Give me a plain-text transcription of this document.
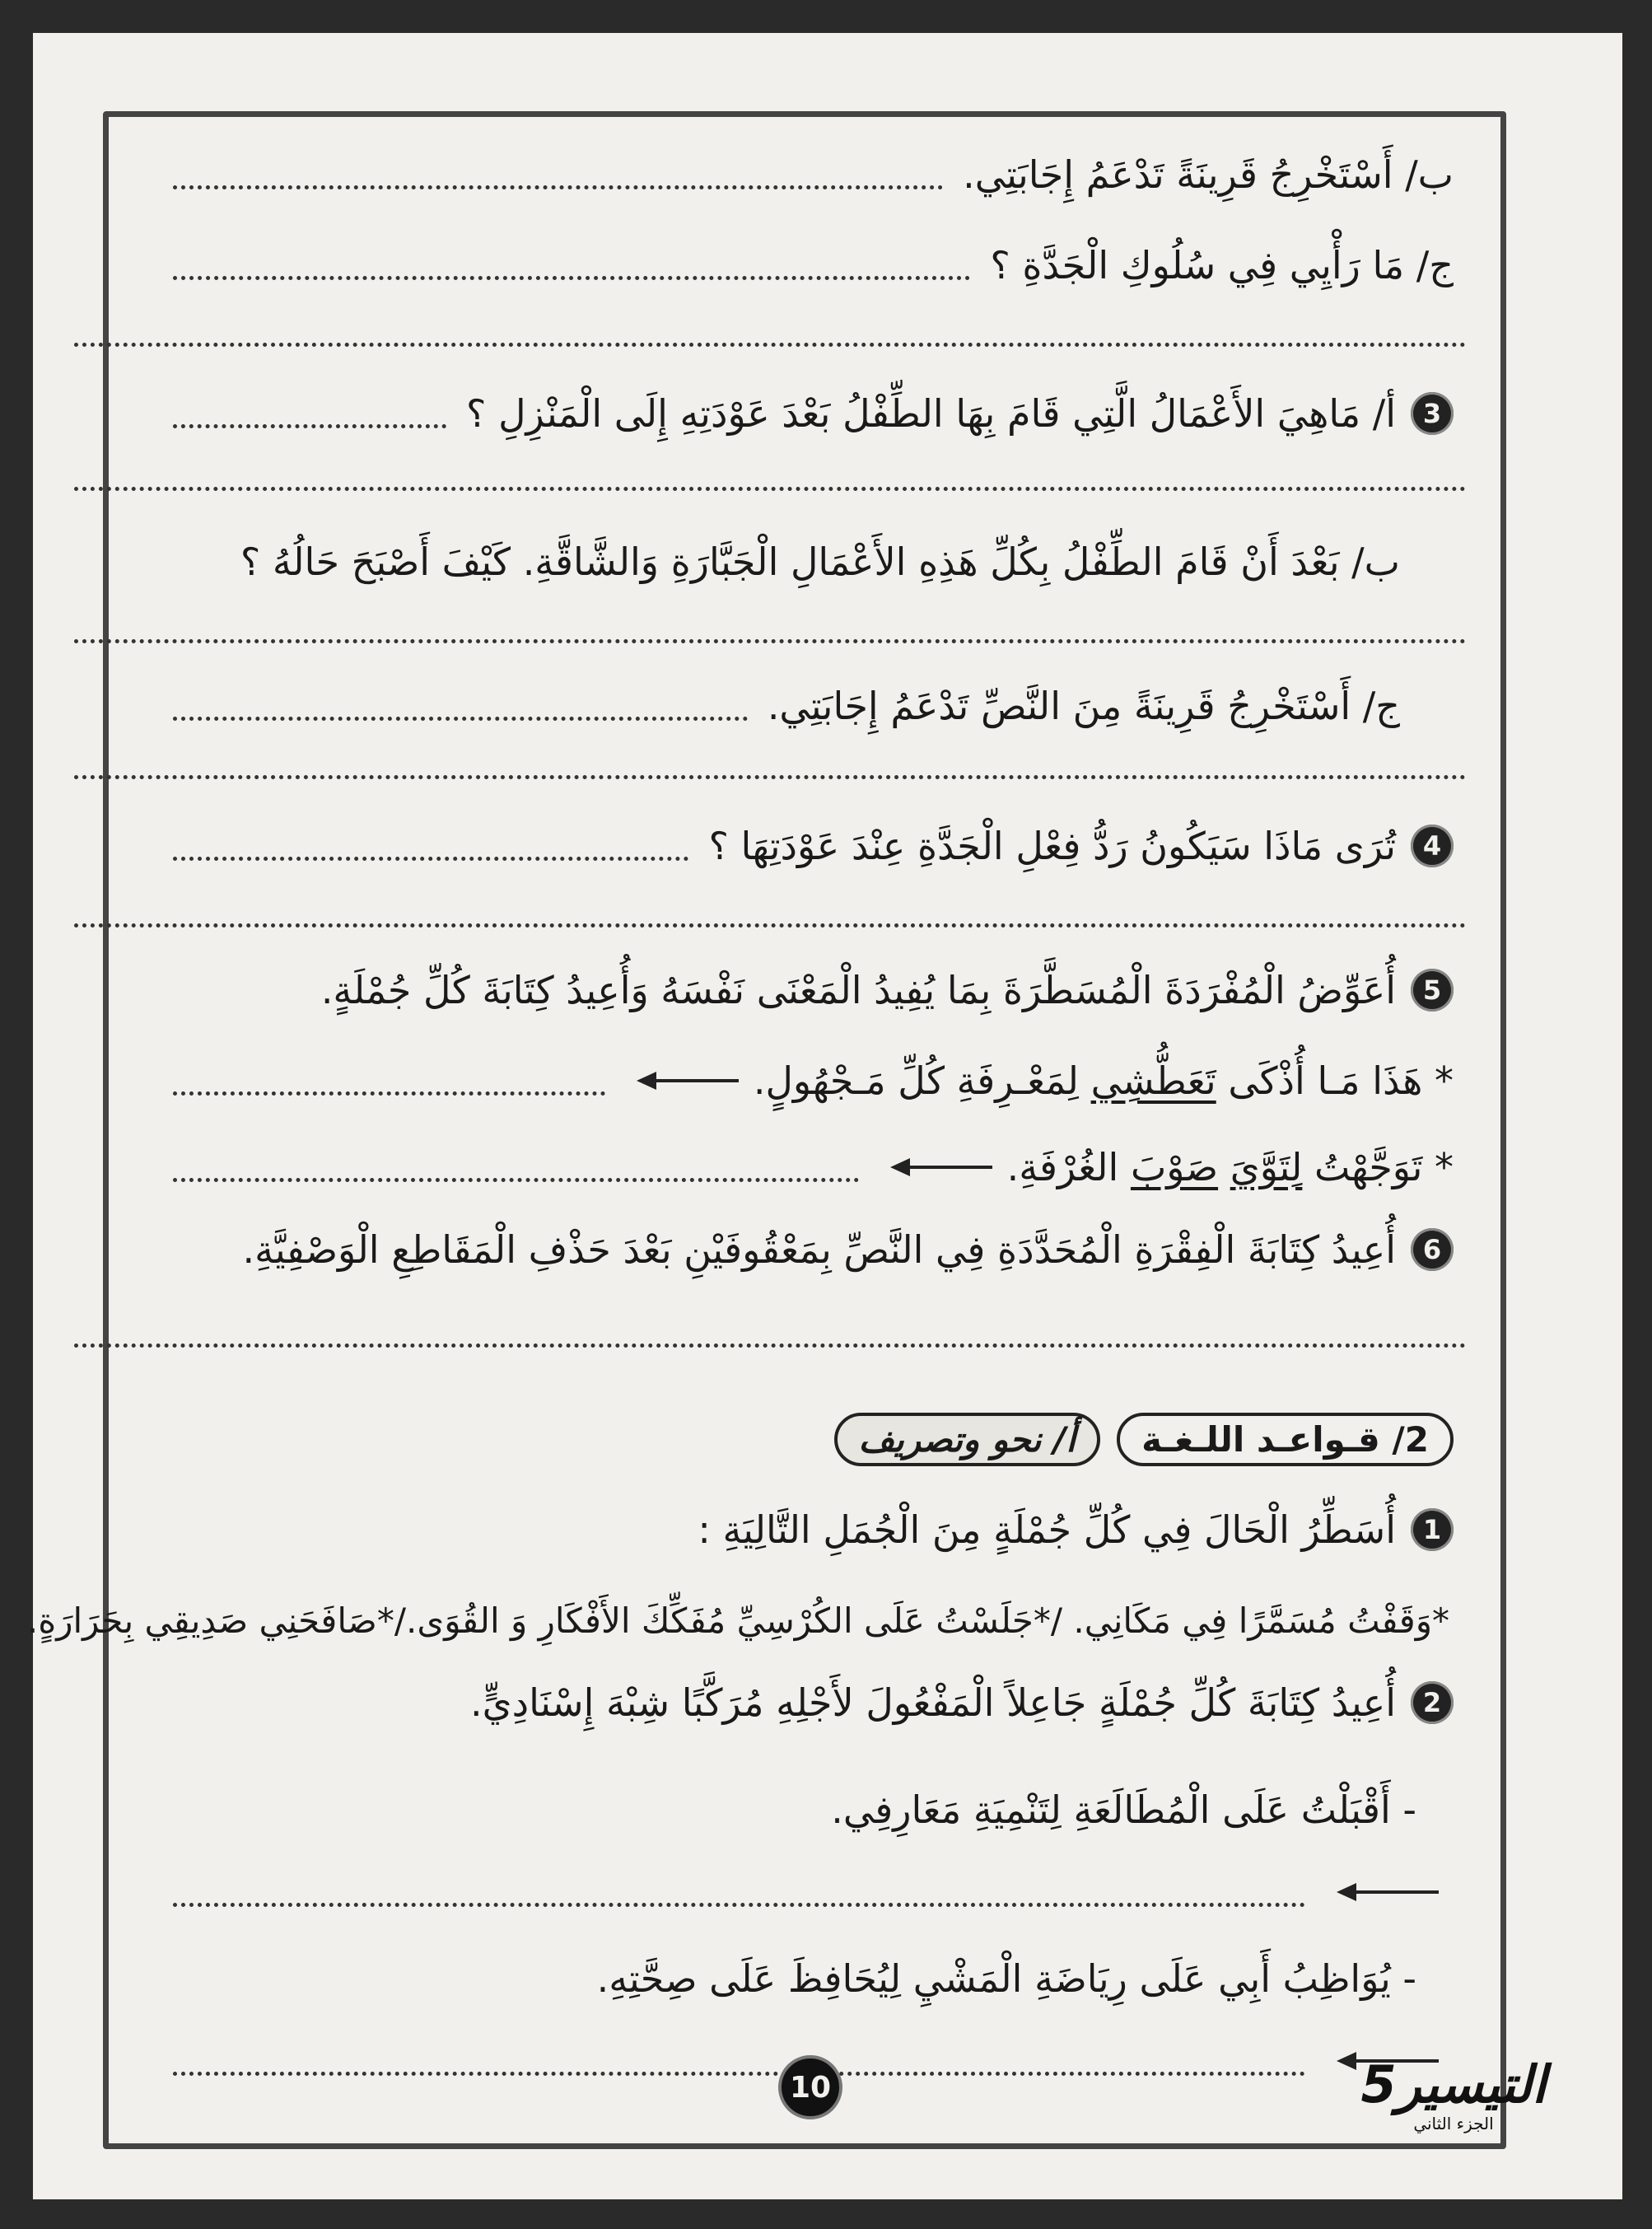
ب/ أَسْتَخْرِجُ قَرِينَةً تَدْعَمُ إِجَابَتِي.
ج/ مَا رَأْيِي فِي سُلُوكِ الْجَدَّةِ ؟
3
أ/ مَاهِيَ الأَعْمَالُ الَّتِي قَامَ بِهَا الطِّفْلُ بَعْدَ عَوْدَتِهِ إِلَى الْمَنْزِلِ ؟
ب/ بَعْدَ أَنْ قَامَ الطِّفْلُ بِكُلِّ هَذِهِ الأَعْمَالِ الْجَبَّارَةِ وَالشَّاقَّةِ. كَيْفَ أَصْبَحَ حَالُهُ ؟
ج/ أَسْتَخْرِجُ قَرِينَةً مِنَ النَّصِّ تَدْعَمُ إِجَابَتِي.
4
تُرَى مَاذَا سَيَكُونُ رَدُّ فِعْلِ الْجَدَّةِ عِنْدَ عَوْدَتِهَا ؟
5
أُعَوِّضُ الْمُفْرَدَةَ الْمُسَطَّرَةَ بِمَا يُفِيدُ الْمَعْنَى نَفْسَهُ وَأُعِيدُ كِتَابَةَ كُلِّ جُمْلَةٍ.
* هَذَا مَـا أُذْكَى

تَعَطُّشِي

لِمَعْـرِفَةِ كُلِّ مَـجْهُولٍ.
* تَوَجَّهْتُ

لِتَوَّيَ

صَوْبَ

الغُرْفَةِ.
6
أُعِيدُ كِتَابَةَ الْفِقْرَةِ الْمُحَدَّدَةِ فِي النَّصِّ بِمَعْقُوفَيْنِ بَعْدَ حَذْفِ الْمَقَاطِعِ الْوَصْفِيَّةِ.
2/ قـواعـد اللـغـة
أ/ نحو وتصريف
1
أُسَطِّرُ الْحَالَ فِي كُلِّ جُمْلَةٍ مِنَ الْجُمَلِ التَّالِيَةِ :
*وَقَفْتُ مُسَمَّرًا فِي مَكَانِي. /*جَلَسْتُ عَلَى الكُرْسِيِّ مُفَكِّكَ الأَفْكَارِ وَ القُوَى./*صَافَحَنِي صَدِيقِي بِحَرَارَةٍ.
2
أُعِيدُ كِتَابَةَ كُلِّ جُمْلَةٍ جَاعِلاً الْمَفْعُولَ لأَجْلِهِ مُرَكَّبًا شِبْهَ إِسْنَادِيٍّ.
- أَقْبَلْتُ عَلَى الْمُطَالَعَةِ لِتَنْمِيَةِ مَعَارِفِي.
- يُوَاظِبُ أَبِي عَلَى رِيَاضَةِ الْمَشْيِ لِيُحَافِظَ عَلَى صِحَّتِهِ.
10	التيسير5
الجزء الثاني
